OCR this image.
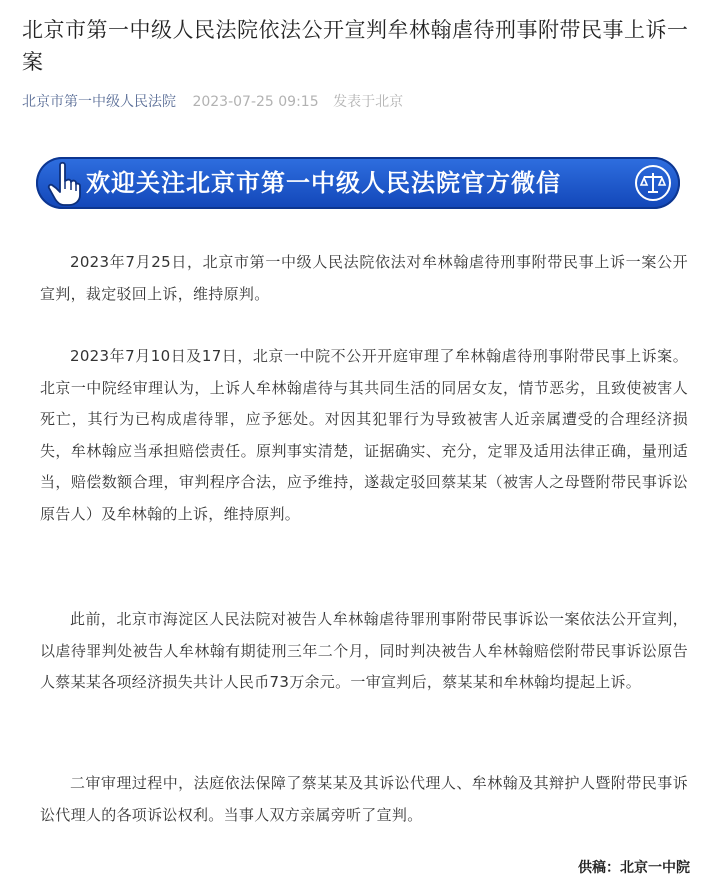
北京市第一中级人民法院依法公开宣判牟林翰虐待刑事附带民事上诉一案
北京市第一中级人民法院 2023-07-25 09:15 发表于北京
欢迎关注北京市第一中级人民法院官方微信

2023年7月25日，北京市第一中级人民法院依法对牟林翰虐待刑事附带民事上诉一案公开宣判，裁定驳回上诉，维持原判。

2023年7月10日及17日，北京一中院不公开开庭审理了牟林翰虐待刑事附带民事上诉案。北京一中院经审理认为，上诉人牟林翰虐待与其共同生活的同居女友，情节恶劣，且致使被害人死亡，其行为已构成虐待罪，应予惩处。对因其犯罪行为导致被害人近亲属遭受的合理经济损失，牟林翰应当承担赔偿责任。原判事实清楚，证据确实、充分，定罪及适用法律正确，量刑适当，赔偿数额合理，审判程序合法，应予维持，遂裁定驳回蔡某某（被害人之母暨附带民事诉讼原告人）及牟林翰的上诉，维持原判。

此前，北京市海淀区人民法院对被告人牟林翰虐待罪刑事附带民事诉讼一案依法公开宣判，以虐待罪判处被告人牟林翰有期徒刑三年二个月，同时判决被告人牟林翰赔偿附带民事诉讼原告人蔡某某各项经济损失共计人民币73万余元。一审宣判后，蔡某某和牟林翰均提起上诉。

二审审理过程中，法庭依法保障了蔡某某及其诉讼代理人、牟林翰及其辩护人暨附带民事诉讼代理人的各项诉讼权利。当事人双方亲属旁听了宣判。

供稿：北京一中院
